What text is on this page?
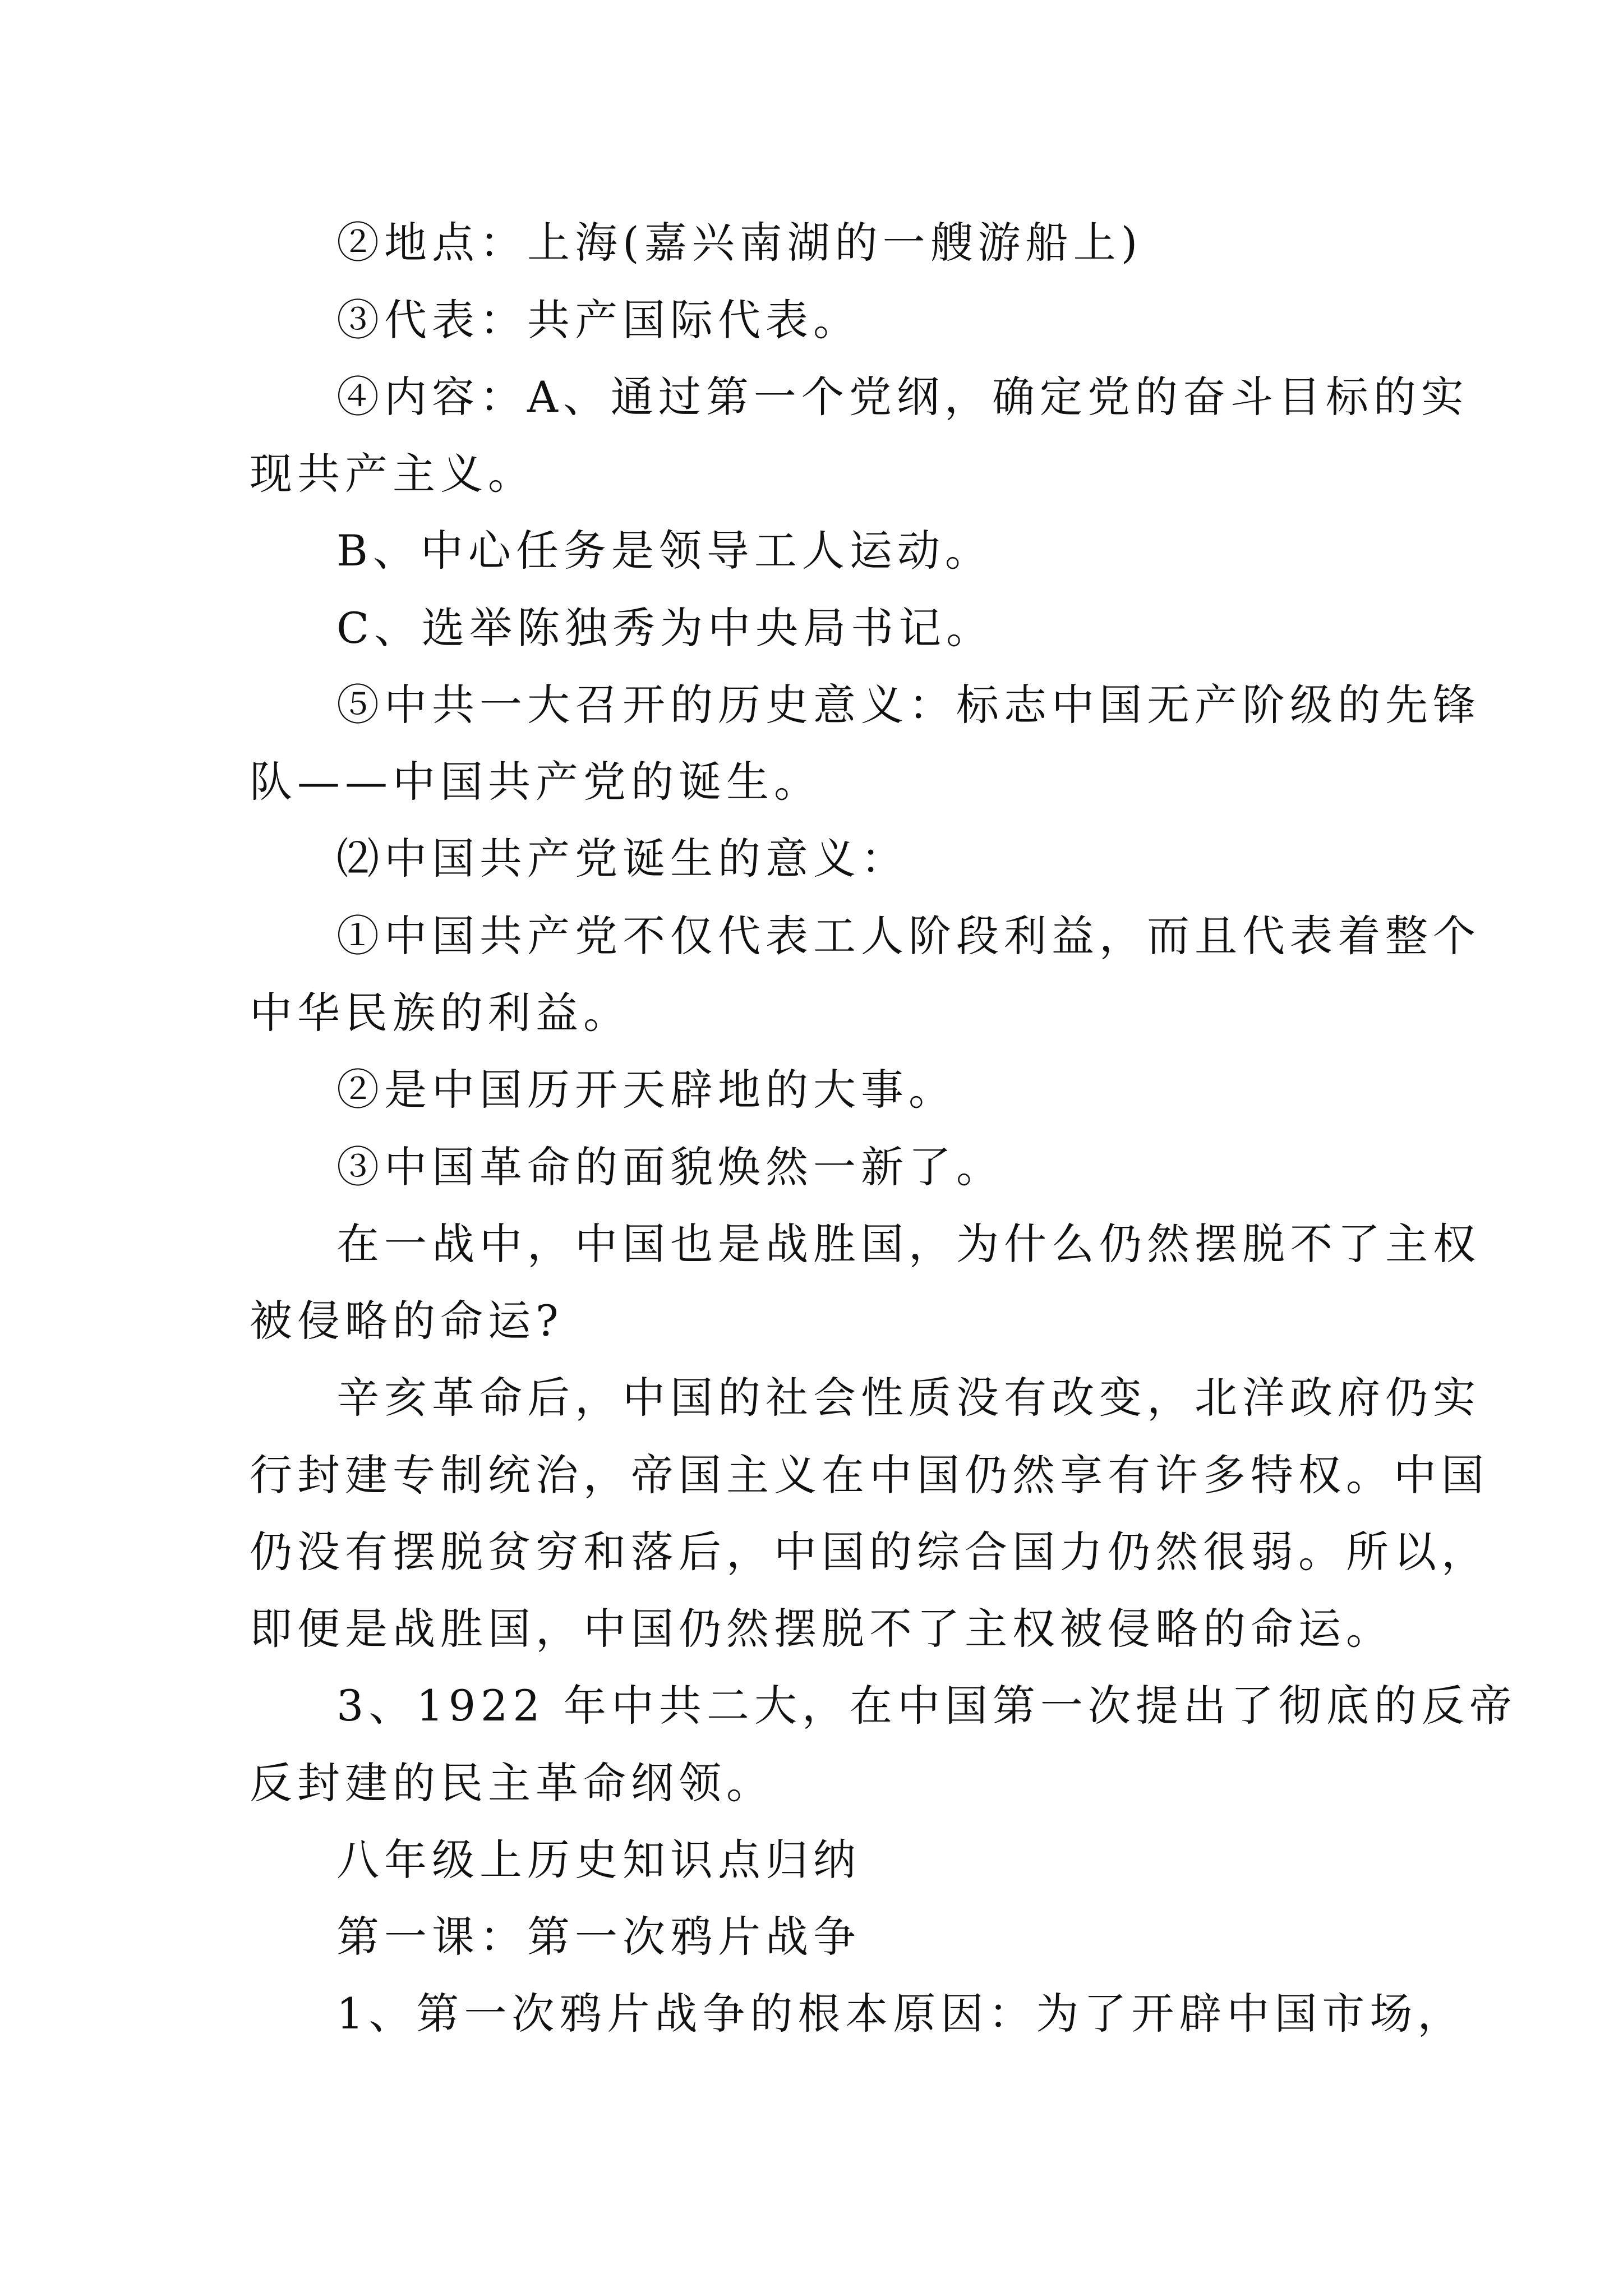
②地点：上海(嘉兴南湖的一艘游船上)

③代表：共产国际代表。

④内容：A、通过第一个党纲，确定党的奋斗目标的实

现共产主义。

B、中心任务是领导工人运动。

C、选举陈独秀为中央局书记。

⑤中共一大召开的历史意义：标志中国无产阶级的先锋

队——中国共产党的诞生。

⑵中国共产党诞生的意义：

①中国共产党不仅代表工人阶段利益，而且代表着整个

中华民族的利益。

②是中国历开天辟地的大事。

③中国革命的面貌焕然一新了。

在一战中，中国也是战胜国，为什么仍然摆脱不了主权

被侵略的命运?

辛亥革命后，中国的社会性质没有改变，北洋政府仍实

行封建专制统治，帝国主义在中国仍然享有许多特权。中国

仍没有摆脱贫穷和落后，中国的综合国力仍然很弱。所以，

即便是战胜国，中国仍然摆脱不了主权被侵略的命运。

3、1922 年中共二大，在中国第一次提出了彻底的反帝

反封建的民主革命纲领。

八年级上历史知识点归纳

第一课：第一次鸦片战争

1、第一次鸦片战争的根本原因：为了开辟中国市场，
